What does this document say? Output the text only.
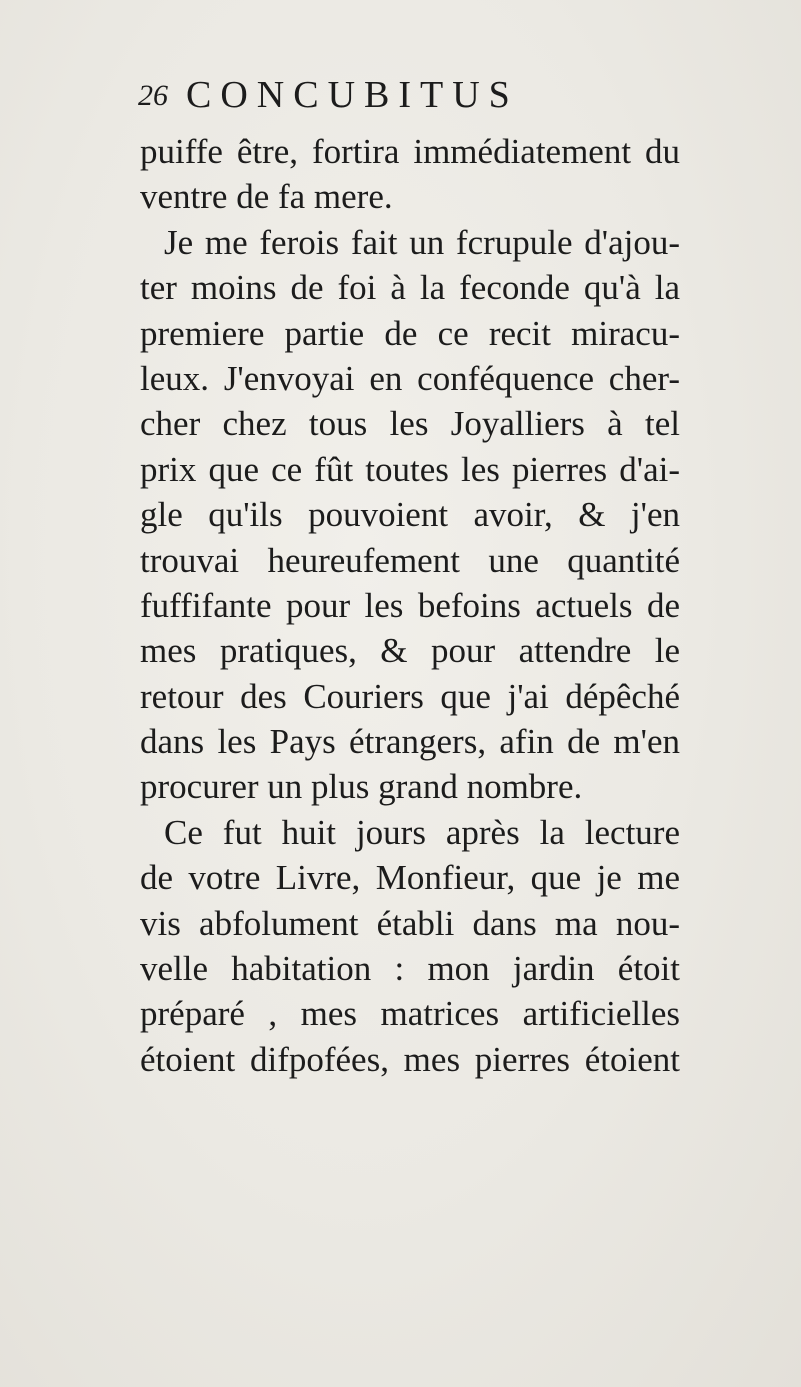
26 CONCUBITUS
puiffe être, fortira immédiatement du
ventre de fa mere.
Je me ferois fait un fcrupule d'ajou-
ter moins de foi à la feconde qu'à la
premiere partie de ce recit miracu-
leux. J'envoyai en conféquence cher-
cher chez tous les Joyalliers à tel
prix que ce fût toutes les pierres d'ai-
gle qu'ils pouvoient avoir, & j'en
trouvai heureufement une quantité
fuffifante pour les befoins actuels de
mes pratiques, & pour attendre le
retour des Couriers que j'ai dépêché
dans les Pays étrangers, afin de m'en
procurer un plus grand nombre.
Ce fut huit jours après la lecture
de votre Livre, Monfieur, que je me
vis abfolument établi dans ma nou-
velle habitation : mon jardin étoit
préparé , mes matrices artificielles
étoient difpofées, mes pierres étoient
